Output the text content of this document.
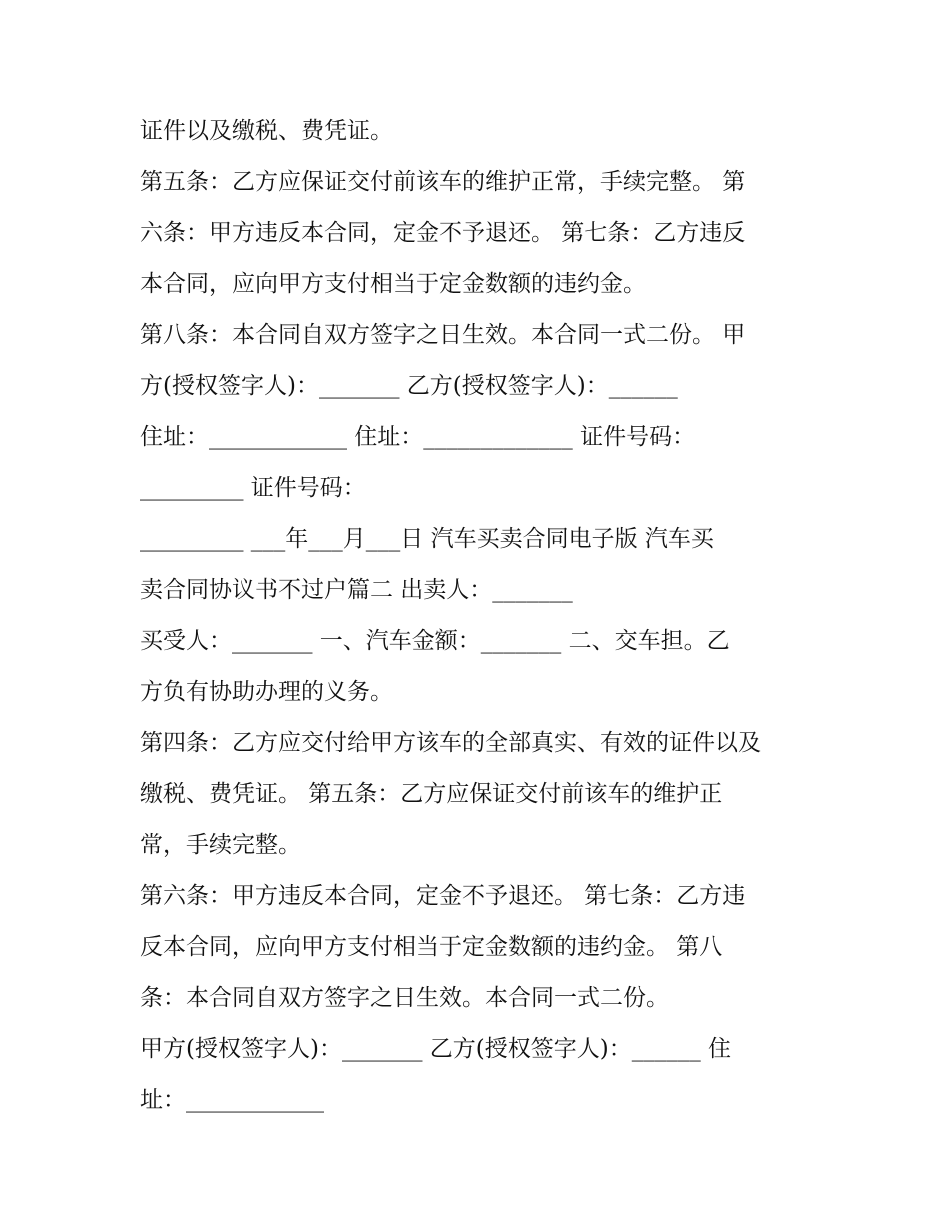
证件以及缴税、费凭证。
第五条：乙方应保证交付前该车的维护正常，手续完整。 第
六条：甲方违反本合同，定金不予退还。 第七条：乙方违反
本合同，应向甲方支付相当于定金数额的违约金。
第八条：本合同自双方签字之日生效。本合同一式二份。 甲
方(授权签字人)：_______ 乙方(授权签字人)：______
住址：____________ 住址：_____________ 证件号码：
_________ 证件号码：
_________ ___年___月___日 汽车买卖合同电子版 汽车买
卖合同协议书不过户篇二 出卖人：_______
买受人：_______ 一、汽车金额：_______ 二、交车担。乙
方负有协助办理的义务。
第四条：乙方应交付给甲方该车的全部真实、有效的证件以及
缴税、费凭证。 第五条：乙方应保证交付前该车的维护正
常，手续完整。
第六条：甲方违反本合同，定金不予退还。 第七条：乙方违
反本合同，应向甲方支付相当于定金数额的违约金。 第八
条：本合同自双方签字之日生效。本合同一式二份。
甲方(授权签字人)：_______ 乙方(授权签字人)：______ 住
址：____________
